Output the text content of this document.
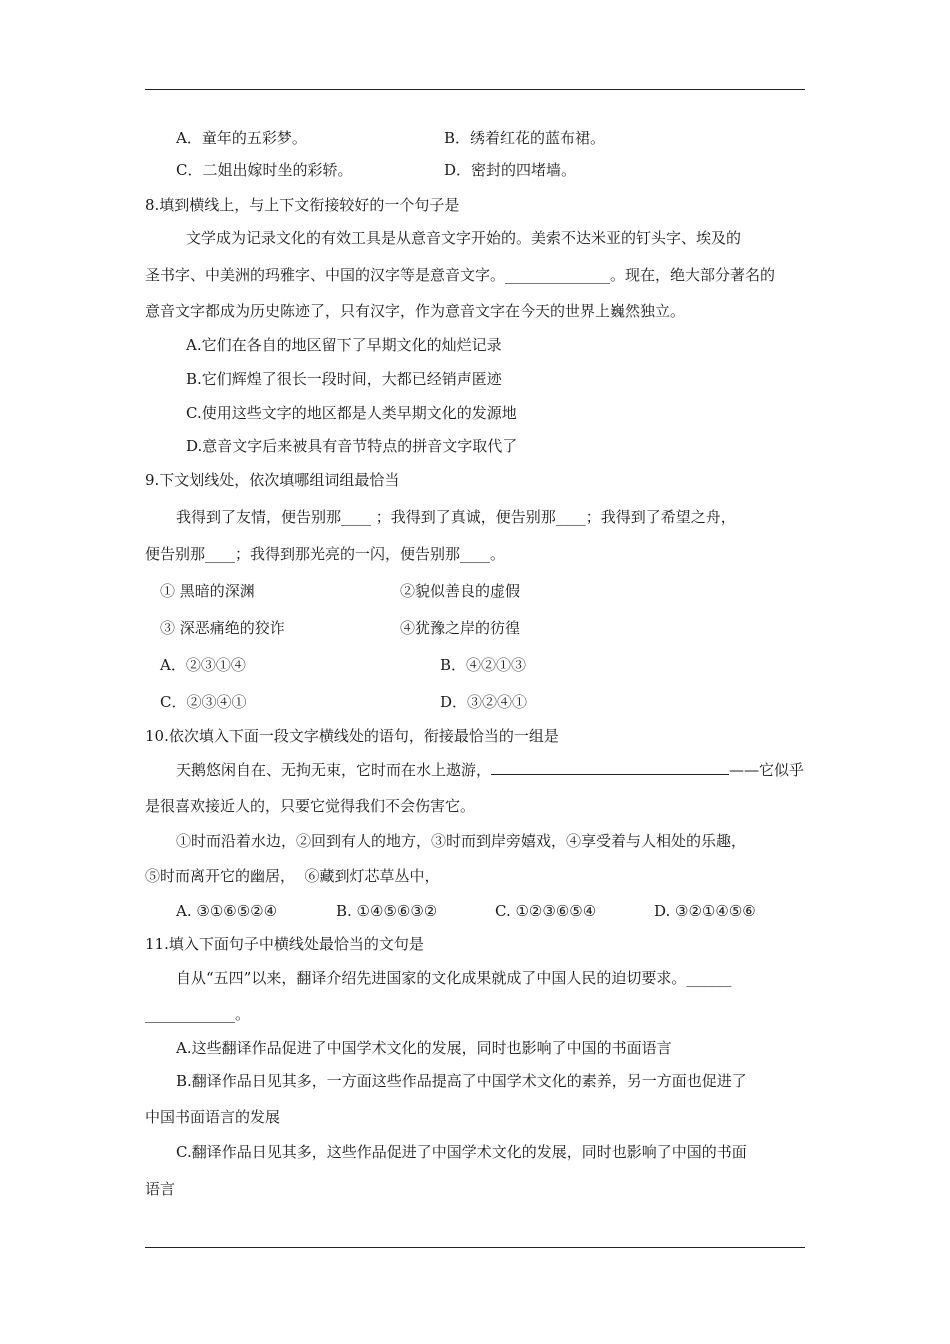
A．童年的五彩梦。	B．绣着红花的蓝布裙。
C．二姐出嫁时坐的彩轿。	D．密封的四堵墙。
8.填到横线上，与上下文衔接较好的一个句子是
文学成为记录文化的有效工具是从意音文字开始的。美索不达米亚的钉头字、埃及的
圣书字、中美洲的玛雅字、中国的汉字等是意音文字。______________。现在，绝大部分著名的
意音文字都成为历史陈迹了，只有汉字，作为意音文字在今天的世界上巍然独立。
A.它们在各自的地区留下了早期文化的灿烂记录
B.它们辉煌了很长一段时间，大都已经销声匿迹
C.使用这些文字的地区都是人类早期文化的发源地
D.意音文字后来被具有音节特点的拼音文字取代了
9.下文划线处，依次填哪组词组最恰当
我得到了友情，便告别那____ ；我得到了真诚，便告别那____；我得到了希望之舟，
便告别那____；我得到那光亮的一闪，便告别那____。
① 黑暗的深渊	②貌似善良的虚假
③ 深恶痛绝的狡诈	④犹豫之岸的彷徨
A．②③①④	B．④②①③
C．②③④①	D．③②④①
10.依次填入下面一段文字横线处的语句，衔接最恰当的一组是
天鹅悠闲自在、无拘无束，它时而在水上遨游，	——它似乎
是很喜欢接近人的，只要它觉得我们不会伤害它。
①时而沿着水边，②回到有人的地方，③时而到岸旁嬉戏，④享受着与人相处的乐趣，
⑤时而离开它的幽居，  ⑥藏到灯芯草丛中，
A. ③①⑥⑤②④	B. ①④⑤⑥③②	C. ①②③⑥⑤④	D. ③②①④⑤⑥
11.填入下面句子中横线处最恰当的文句是
自从“五四”以来，翻译介绍先进国家的文化成果就成了中国人民的迫切要求。______
____________。
A.这些翻译作品促进了中国学术文化的发展，同时也影响了中国的书面语言
B.翻译作品日见其多，一方面这些作品提高了中国学术文化的素养，另一方面也促进了
中国书面语言的发展
C.翻译作品日见其多，这些作品促进了中国学术文化的发展，同时也影响了中国的书面
语言
